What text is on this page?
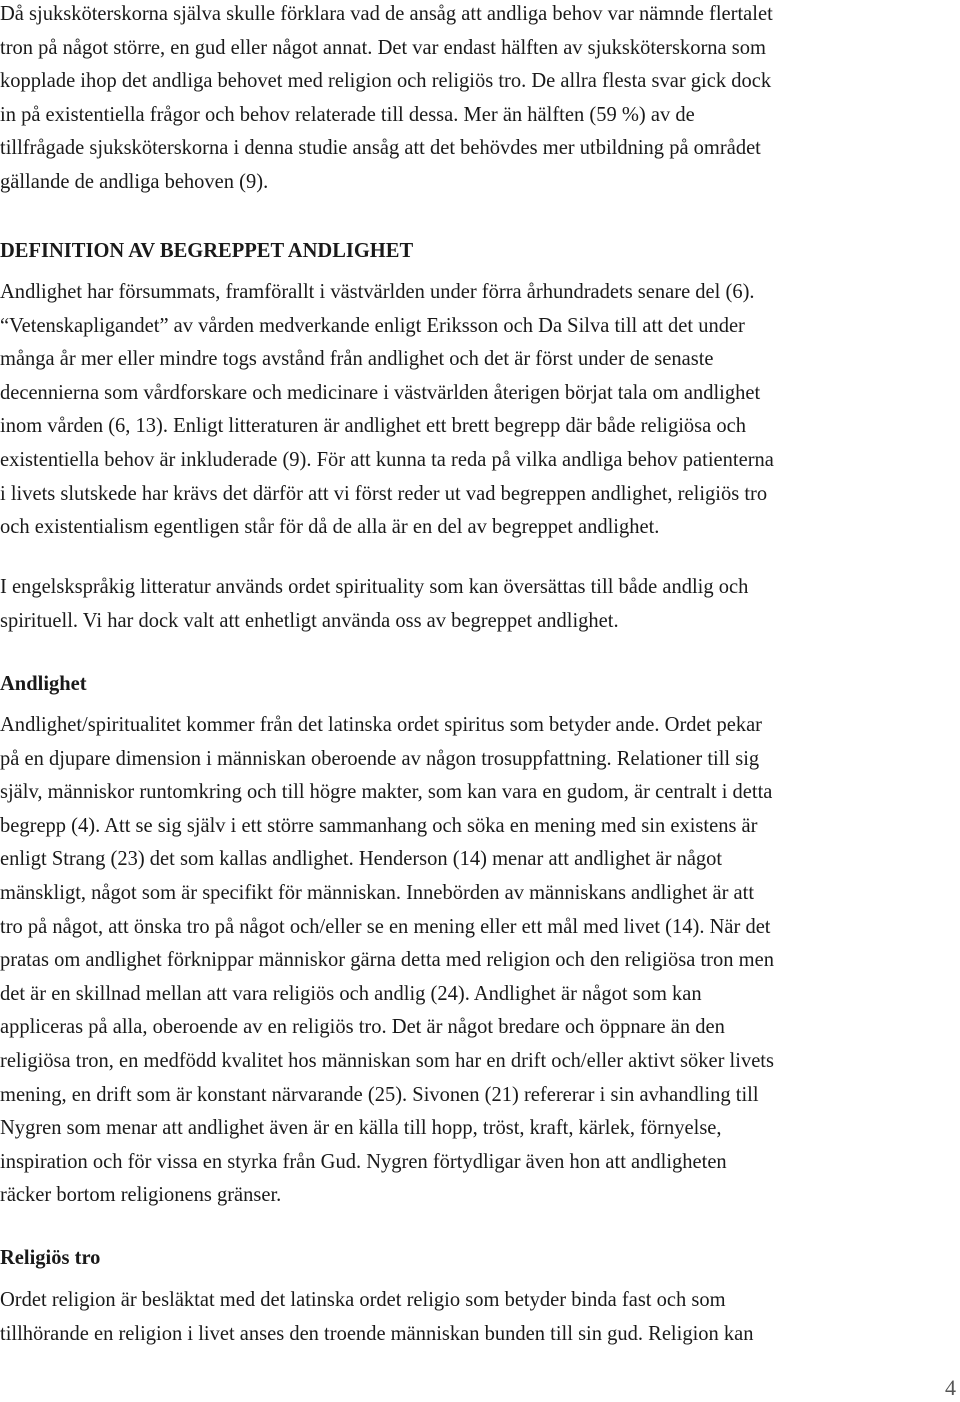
Då sjuksköterskorna själva skulle förklara vad de ansåg att andliga behov var nämnde flertalet
tron på något större, en gud eller något annat. Det var endast hälften av sjuksköterskorna som
kopplade ihop det andliga behovet med religion och religiös tro. De allra flesta svar gick dock
in på existentiella frågor och behov relaterade till dessa. Mer än hälften (59 %) av de
tillfrågade sjuksköterskorna i denna studie ansåg att det behövdes mer utbildning på området
gällande de andliga behoven (9).

DEFINITION AV BEGREPPET ANDLIGHET

Andlighet har försummats, framförallt i västvärlden under förra århundradets senare del (6).
“Vetenskapligandet” av vården medverkande enligt Eriksson och Da Silva till att det under
många år mer eller mindre togs avstånd från andlighet och det är först under de senaste
decennierna som vårdforskare och medicinare i västvärlden återigen börjat tala om andlighet
inom vården (6, 13). Enligt litteraturen är andlighet ett brett begrepp där både religiösa och
existentiella behov är inkluderade (9). För att kunna ta reda på vilka andliga behov patienterna
i livets slutskede har krävs det därför att vi först reder ut vad begreppen andlighet, religiös tro
och existentialism egentligen står för då de alla är en del av begreppet andlighet.

I engelskspråkig litteratur används ordet spirituality som kan översättas till både andlig och
spirituell. Vi har dock valt att enhetligt använda oss av begreppet andlighet.

Andlighet

Andlighet/spiritualitet kommer från det latinska ordet spiritus som betyder ande. Ordet pekar
på en djupare dimension i människan oberoende av någon trosuppfattning. Relationer till sig
själv, människor runtomkring och till högre makter, som kan vara en gudom, är centralt i detta
begrepp (4). Att se sig själv i ett större sammanhang och söka en mening med sin existens är
enligt Strang (23) det som kallas andlighet. Henderson (14) menar att andlighet är något
mänskligt, något som är specifikt för människan. Innebörden av människans andlighet är att
tro på något, att önska tro på något och/eller se en mening eller ett mål med livet (14). När det
pratas om andlighet förknippar människor gärna detta med religion och den religiösa tron men
det är en skillnad mellan att vara religiös och andlig (24). Andlighet är något som kan
appliceras på alla, oberoende av en religiös tro. Det är något bredare och öppnare än den
religiösa tron, en medfödd kvalitet hos människan som har en drift och/eller aktivt söker livets
mening, en drift som är konstant närvarande (25). Sivonen (21) refererar i sin avhandling till
Nygren som menar att andlighet även är en källa till hopp, tröst, kraft, kärlek, förnyelse,
inspiration och för vissa en styrka från Gud. Nygren förtydligar även hon att andligheten
räcker bortom religionens gränser.

Religiös tro

Ordet religion är besläktat med det latinska ordet religio som betyder binda fast och som
tillhörande en religion i livet anses den troende människan bunden till sin gud. Religion kan

4
